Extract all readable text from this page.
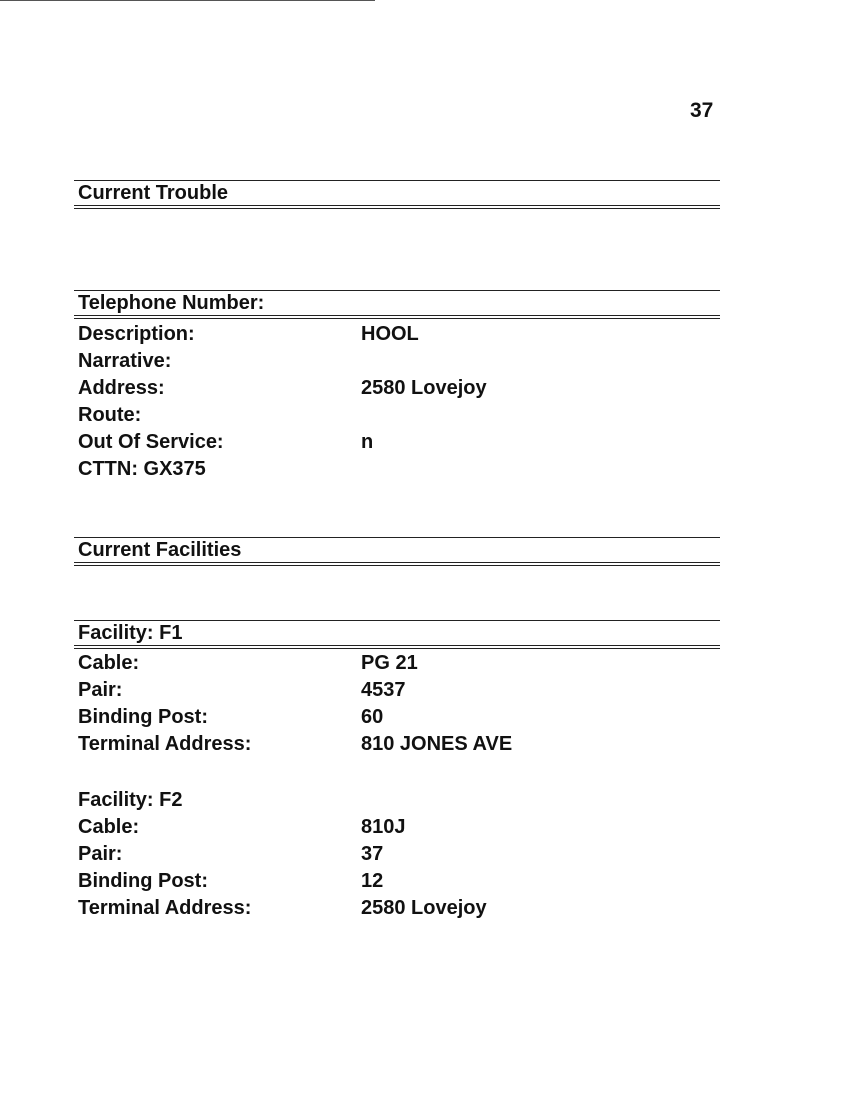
37
Current Trouble
Telephone Number:
Description:	HOOL
Narrative:
Address:	2580 Lovejoy
Route:
Out Of Service:	n
CTTN: GX375
Current Facilities
Facility: F1
Cable:	PG 21
Pair:	4537
Binding Post:	60
Terminal Address:	810 JONES AVE
Facility: F2
Cable:	810J
Pair:	37
Binding Post:	12
Terminal Address:	2580 Lovejoy
